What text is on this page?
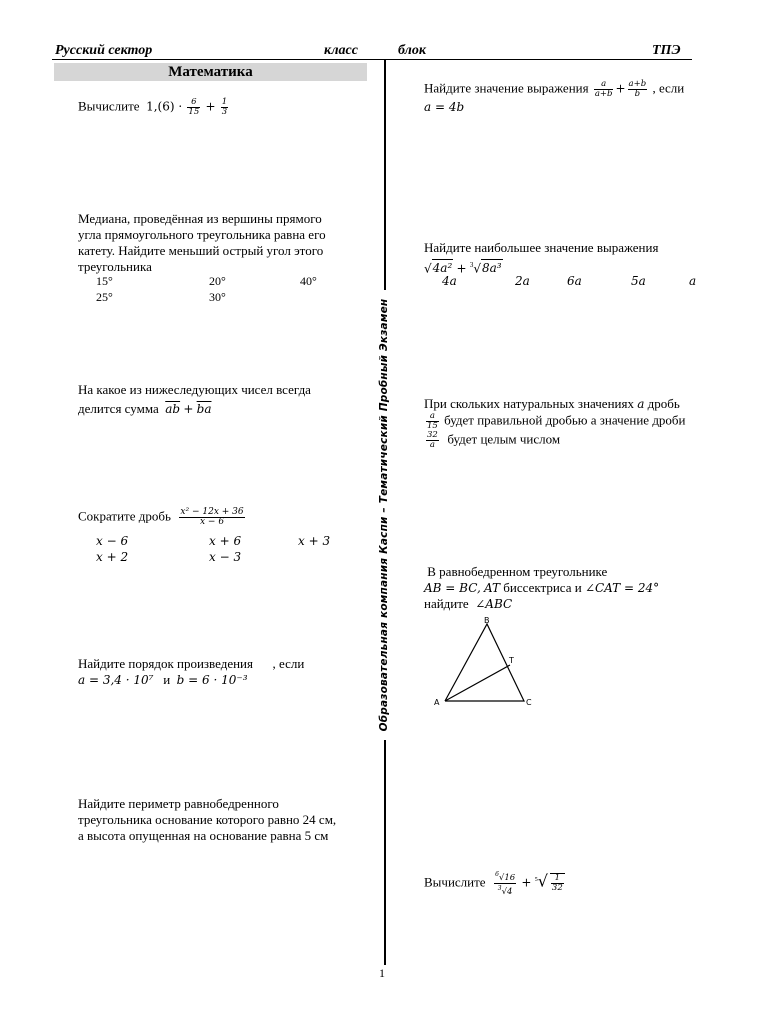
Русский сектор	класс	блок	ТПЭ
Математика
Образовательная компания Каспи – Тематический Пробный Экзамен
1
Вычислите $1,(6) \cdot \frac{6}{15} + \frac{1}{3}$
Медиана, проведённая из вершины прямого
угла прямоугольного треугольника равна его
катету. Найдите меньший острый угол этого
треугольника
15°	20°	40°
25°	30°
На какое из нижеследующих чисел всегда
делится сумма $\overline{ab} + \overline{ba}$
Сократите дробь $\frac{\text{x² − 12x + 36}}{x - 6}$
x − 6	x + 6	x + 3
x + 2	x − 3
Найдите порядок произведения , если
a = 3,4 · 10⁷ и b = 6 · 10⁻³
Найдите периметр равнобедренного
треугольника основание которого равно 24 см,
а высота опущенная на основание равна 5 см
Найдите значение выражения $\frac{a}{a+b} + \frac{a+b}{b}$ , если
a = 4b
Найдите наибольшее значение выражения
√4a² + $^3$√8a³
4a	2a	6a	5a	a
При скольких натуральных значениях a дробь
$\frac{a}{15}$ будет правильной дробью а значение дроби
$\frac{32}{a}$ будет целым числом
В равнобедренном треугольнике
AB = BC, AT биссектриса и ∠CAT = 24°
найдите ∠ABC
A
B
C
T
Вычислите $\frac{^6√16}{^3√4} + ^5√ \frac{1}{32}$
